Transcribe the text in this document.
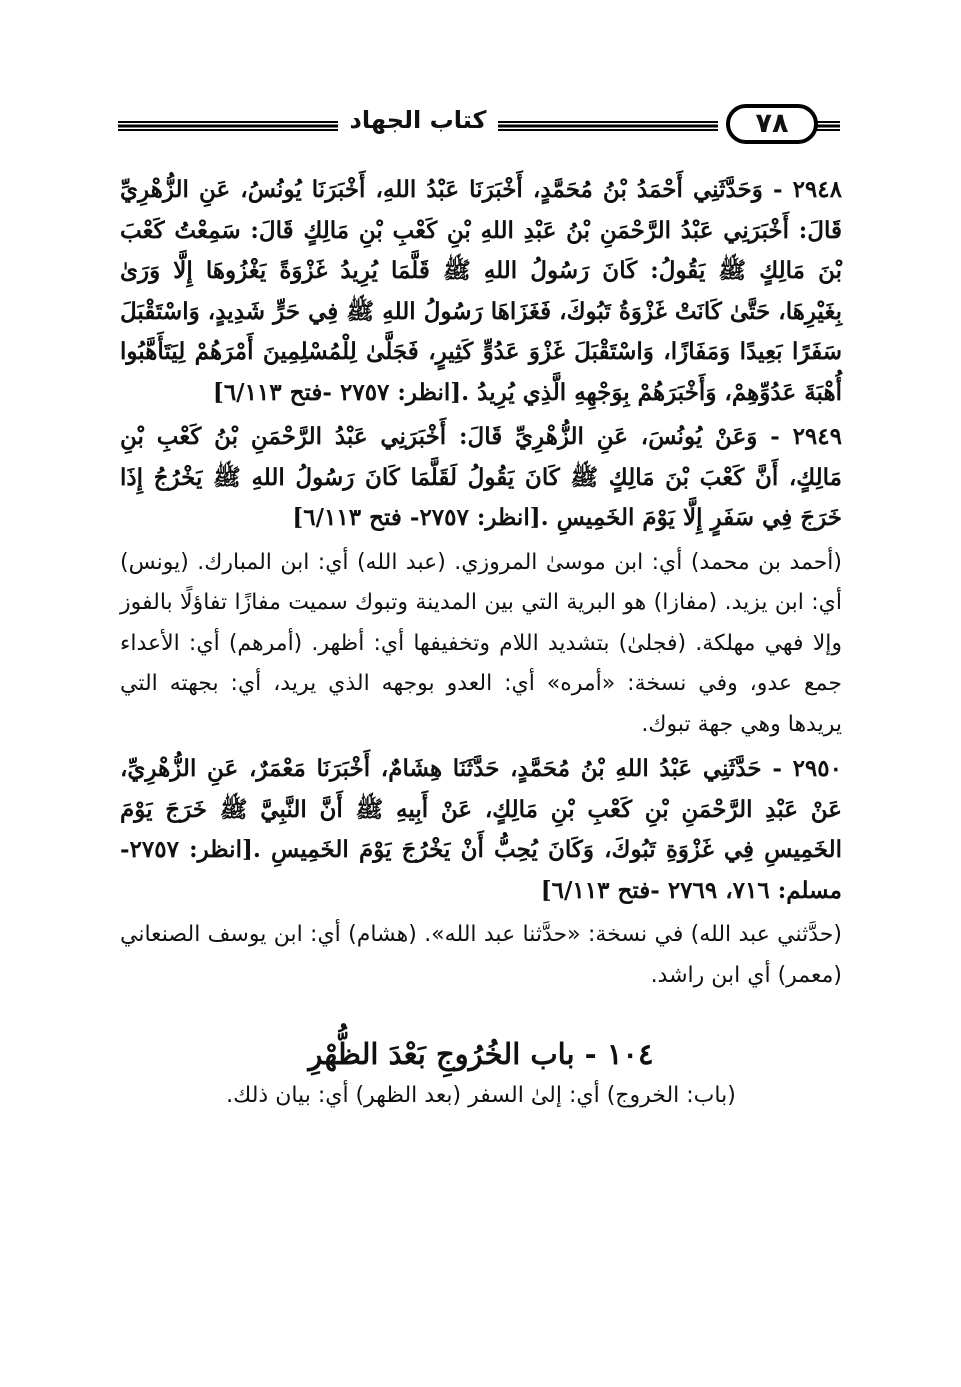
كتاب الجهاد	٧٨

٢٩٤٨ - وَحَدَّثَنِي أَحْمَدُ بْنُ مُحَمَّدٍ، أَخْبَرَنَا عَبْدُ اللهِ، أَخْبَرَنَا يُونُسُ، عَنِ الزُّهْرِيِّ قَالَ: أَخْبَرَنِي عَبْدُ الرَّحْمَنِ بْنُ عَبْدِ اللهِ بْنِ كَعْبِ بْنِ مَالِكٍ قَالَ: سَمِعْتُ كَعْبَ بْنَ مَالِكٍ ﷺ يَقُولُ: كَانَ رَسُولُ اللهِ ﷺ قَلَّمَا يُرِيدُ غَزْوَةً يَغْزُوهَا إِلَّا وَرَىٰ بِغَيْرِهَا، حَتَّىٰ كَانَتْ غَزْوَةُ تَبُوكَ، فَغَزَاهَا رَسُولُ اللهِ ﷺ فِي حَرٍّ شَدِيدٍ، وَاسْتَقْبَلَ سَفَرًا بَعِيدًا وَمَفَازًا، وَاسْتَقْبَلَ غَزْوَ عَدُوٍّ كَثِيرٍ، فَجَلَّىٰ لِلْمُسْلِمِينَ أَمْرَهُمْ لِيَتَأَهَّبُوا أُهْبَةَ عَدُوِّهِمْ، وَأَخْبَرَهُمْ بِوَجْهِهِ الَّذِي يُرِيدُ .[انظر: ٢٧٥٧ -فتح ٦/١١٣]

٢٩٤٩ - وَعَنْ يُونُسَ، عَنِ الزُّهْرِيِّ قَالَ: أَخْبَرَنِي عَبْدُ الرَّحْمَنِ بْنُ كَعْبِ بْنِ مَالِكٍ، أَنَّ كَعْبَ بْنَ مَالِكٍ ﷺ كَانَ يَقُولُ لَقَلَّمَا كَانَ رَسُولُ اللهِ ﷺ يَخْرُجُ إِذَا خَرَجَ فِي سَفَرٍ إِلَّا يَوْمَ الخَمِيسِ .[انظر: ٢٧٥٧- فتح ٦/١١٣]

(أحمد بن محمد) أي: ابن موسىٰ المروزي. (عبد الله) أي: ابن المبارك. (يونس) أي: ابن يزيد. (مفازا) هو البرية التي بين المدينة وتبوك سميت مفازًا تفاؤلًا بالفوز وإلا فهي مهلكة. (فجلىٰ) بتشديد اللام وتخفيفها أي: أظهر. (أمرهم) أي: الأعداء جمع عدو، وفي نسخة: «أمره» أي: العدو بوجهه الذي يريد، أي: بجهته التي يريدها وهي جهة تبوك.

٢٩٥٠ - حَدَّثَنِي عَبْدُ اللهِ بْنُ مُحَمَّدٍ، حَدَّثَنَا هِشَامٌ، أَخْبَرَنَا مَعْمَرٌ، عَنِ الزُّهْرِيِّ، عَنْ عَبْدِ الرَّحْمَنِ بْنِ كَعْبِ بْنِ مَالِكٍ، عَنْ أَبِيهِ ﷺ أَنَّ النَّبِيَّ ﷺ خَرَجَ يَوْمَ الخَمِيسِ فِي غَزْوَةِ تَبُوكَ، وَكَانَ يُحِبُّ أَنْ يَخْرُجَ يَوْمَ الخَمِيسِ .[انظر: ٢٧٥٧- مسلم: ٧١٦، ٢٧٦٩ -فتح ٦/١١٣]

(حدَّثني عبد الله) في نسخة: «حدَّثنا عبد الله». (هشام) أي: ابن يوسف الصنعاني (معمر) أي ابن راشد.

١٠٤ - باب الخُرُوجِ بَعْدَ الظُّهْرِ

(باب: الخروج) أي: إلىٰ السفر (بعد الظهر) أي: بيان ذلك.
